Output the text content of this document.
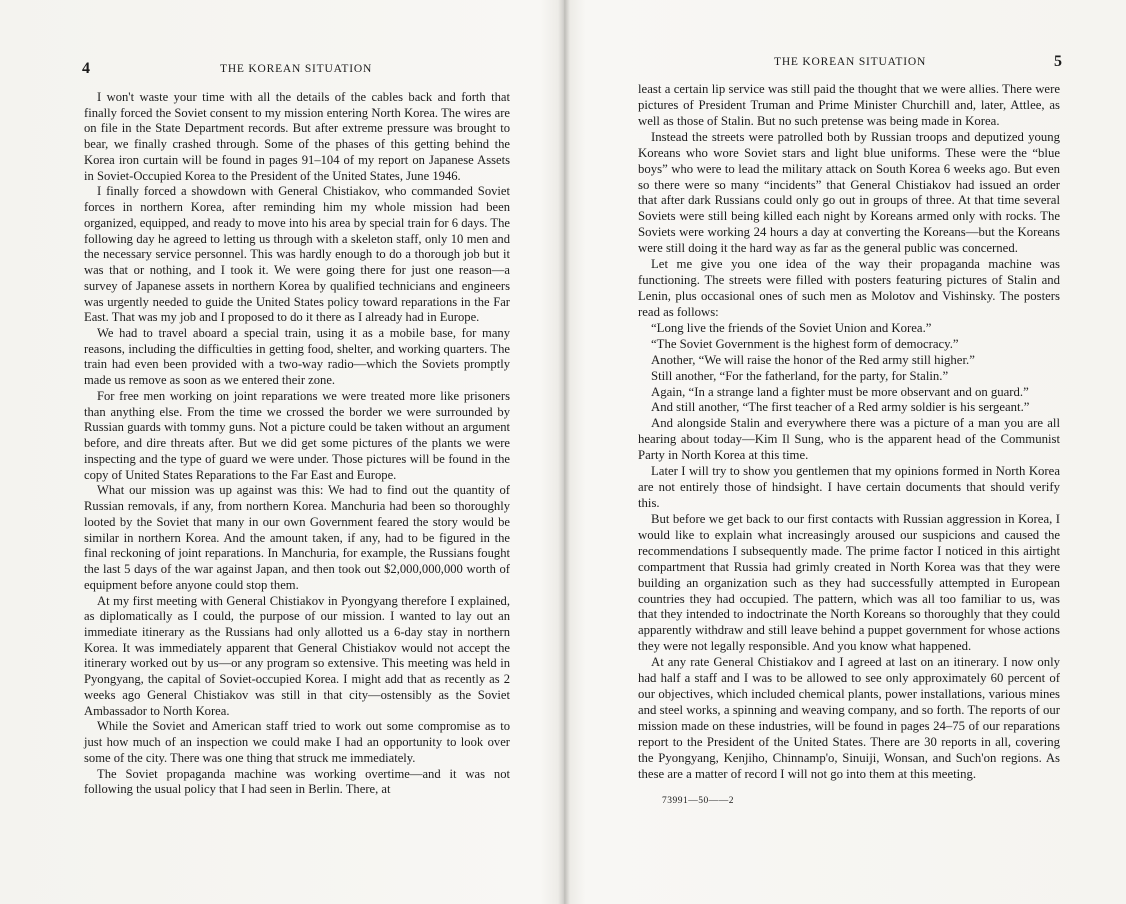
4	THE KOREAN SITUATION

I won't waste your time with all the details of the cables back and forth that finally forced the Soviet consent to my mission entering North Korea. The wires are on file in the State Department records. But after extreme pressure was brought to bear, we finally crashed through. Some of the phases of this getting behind the Korea iron curtain will be found in pages 91–104 of my report on Japanese Assets in Soviet-Occupied Korea to the President of the United States, June 1946.

I finally forced a showdown with General Chistiakov, who commanded Soviet forces in northern Korea, after reminding him my whole mission had been organized, equipped, and ready to move into his area by special train for 6 days. The following day he agreed to letting us through with a skeleton staff, only 10 men and the necessary service personnel. This was hardly enough to do a thorough job but it was that or nothing, and I took it. We were going there for just one reason—a survey of Japanese assets in northern Korea by qualified technicians and engineers was urgently needed to guide the United States policy toward reparations in the Far East. That was my job and I proposed to do it there as I already had in Europe.

We had to travel aboard a special train, using it as a mobile base, for many reasons, including the difficulties in getting food, shelter, and working quarters. The train had even been provided with a two-way radio—which the Soviets promptly made us remove as soon as we entered their zone.

For free men working on joint reparations we were treated more like prisoners than anything else. From the time we crossed the border we were surrounded by Russian guards with tommy guns. Not a picture could be taken without an argument before, and dire threats after. But we did get some pictures of the plants we were inspecting and the type of guard we were under. Those pictures will be found in the copy of United States Reparations to the Far East and Europe.

What our mission was up against was this: We had to find out the quantity of Russian removals, if any, from northern Korea. Manchuria had been so thoroughly looted by the Soviet that many in our own Government feared the story would be similar in northern Korea. And the amount taken, if any, had to be figured in the final reckoning of joint reparations. In Manchuria, for example, the Russians fought the last 5 days of the war against Japan, and then took out $2,000,000,000 worth of equipment before anyone could stop them.

At my first meeting with General Chistiakov in Pyongyang therefore I explained, as diplomatically as I could, the purpose of our mission. I wanted to lay out an immediate itinerary as the Russians had only allotted us a 6-day stay in northern Korea. It was immediately apparent that General Chistiakov would not accept the itinerary worked out by us—or any program so extensive. This meeting was held in Pyongyang, the capital of Soviet-occupied Korea. I might add that as recently as 2 weeks ago General Chistiakov was still in that city—ostensibly as the Soviet Ambassador to North Korea.

While the Soviet and American staff tried to work out some compromise as to just how much of an inspection we could make I had an opportunity to look over some of the city. There was one thing that struck me immediately.

The Soviet propaganda machine was working overtime—and it was not following the usual policy that I had seen in Berlin. There, at

THE KOREAN SITUATION	5

least a certain lip service was still paid the thought that we were allies. There were pictures of President Truman and Prime Minister Churchill and, later, Attlee, as well as those of Stalin. But no such pretense was being made in Korea.

Instead the streets were patrolled both by Russian troops and deputized young Koreans who wore Soviet stars and light blue uniforms. These were the “blue boys” who were to lead the military attack on South Korea 6 weeks ago. But even so there were so many “incidents” that General Chistiakov had issued an order that after dark Russians could only go out in groups of three. At that time several Soviets were still being killed each night by Koreans armed only with rocks. The Soviets were working 24 hours a day at converting the Koreans—but the Koreans were still doing it the hard way as far as the general public was concerned.

Let me give you one idea of the way their propaganda machine was functioning. The streets were filled with posters featuring pictures of Stalin and Lenin, plus occasional ones of such men as Molotov and Vishinsky. The posters read as follows:

“Long live the friends of the Soviet Union and Korea.”

“The Soviet Government is the highest form of democracy.”

Another, “We will raise the honor of the Red army still higher.”

Still another, “For the fatherland, for the party, for Stalin.”

Again, “In a strange land a fighter must be more observant and on guard.”

And still another, “The first teacher of a Red army soldier is his sergeant.”

And alongside Stalin and everywhere there was a picture of a man you are all hearing about today—Kim Il Sung, who is the apparent head of the Communist Party in North Korea at this time.

Later I will try to show you gentlemen that my opinions formed in North Korea are not entirely those of hindsight. I have certain documents that should verify this.

But before we get back to our first contacts with Russian aggression in Korea, I would like to explain what increasingly aroused our suspicions and caused the recommendations I subsequently made. The prime factor I noticed in this airtight compartment that Russia had grimly created in North Korea was that they were building an organization such as they had successfully attempted in European countries they had occupied. The pattern, which was all too familiar to us, was that they intended to indoctrinate the North Koreans so thoroughly that they could apparently withdraw and still leave behind a puppet government for whose actions they were not legally responsible. And you know what happened.

At any rate General Chistiakov and I agreed at last on an itinerary. I now only had half a staff and I was to be allowed to see only approximately 60 percent of our objectives, which included chemical plants, power installations, various mines and steel works, a spinning and weaving company, and so forth. The reports of our mission made on these industries, will be found in pages 24–75 of our reparations report to the President of the United States. There are 30 reports in all, covering the Pyongyang, Kenjiho, Chinnamp'o, Sinuiji, Wonsan, and Such'on regions. As these are a matter of record I will not go into them at this meeting.

73991—50——2
